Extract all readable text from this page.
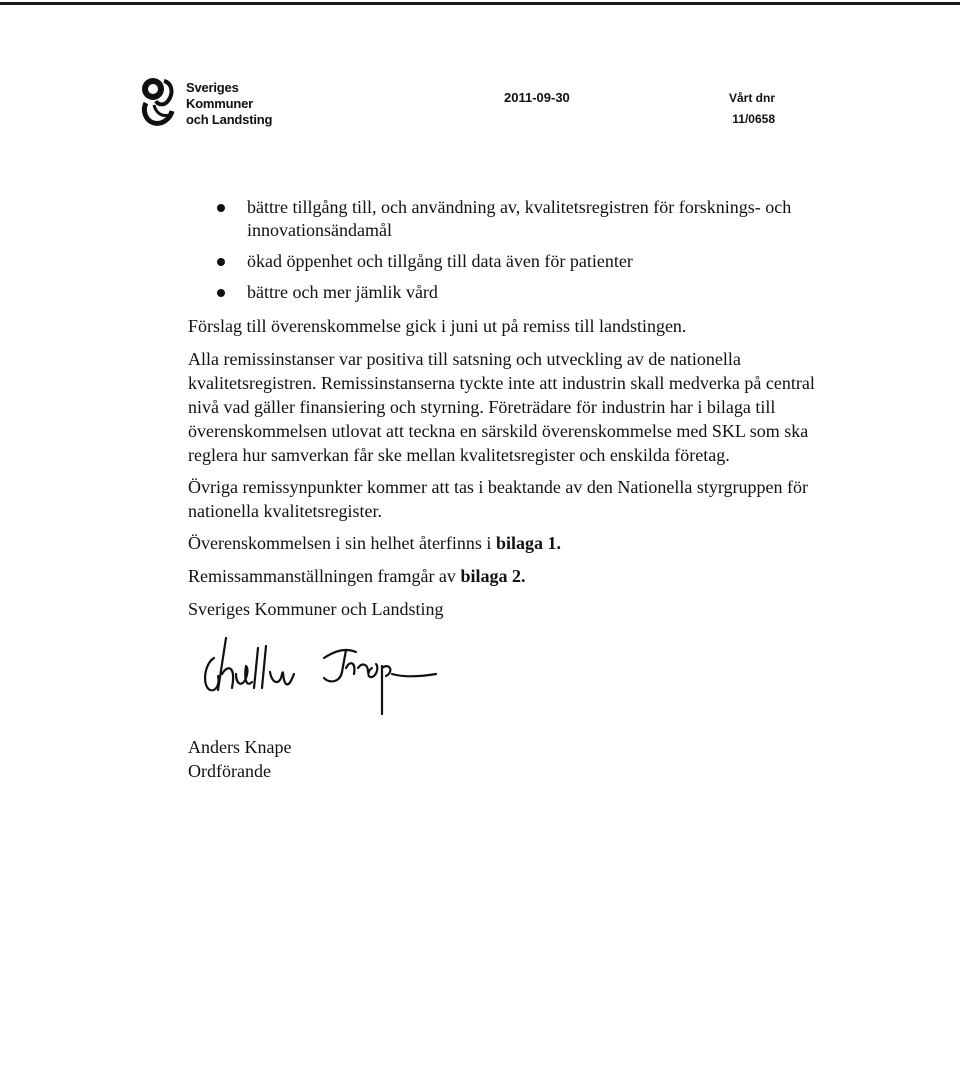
Sveriges
Kommuner
och Landsting
2011-09-30	Vårt dnr
11/0658
bättre tillgång till, och användning av, kvalitetsregistren för forsknings- och innovationsändamål
ökad öppenhet och tillgång till data även för patienter
bättre och mer jämlik vård

Förslag till överenskommelse gick i juni ut på remiss till landstingen.

Alla remissinstanser var positiva till satsning och utveckling av de nationella kvalitetsregistren. Remissinstanserna tyckte inte att industrin skall medverka på central nivå vad gäller finansiering och styrning. Företrädare för industrin har i bilaga till överenskommelsen utlovat att teckna en särskild överenskommelse med SKL som ska reglera hur samverkan får ske mellan kvalitetsregister och enskilda företag.

Övriga remissynpunkter kommer att tas i beaktande av den Nationella styrgruppen för nationella kvalitetsregister.

Överenskommelsen i sin helhet återfinns i bilaga 1.

Remissammanställningen framgår av bilaga 2.

Sveriges Kommuner och Landsting

Anders Knape
Ordförande
